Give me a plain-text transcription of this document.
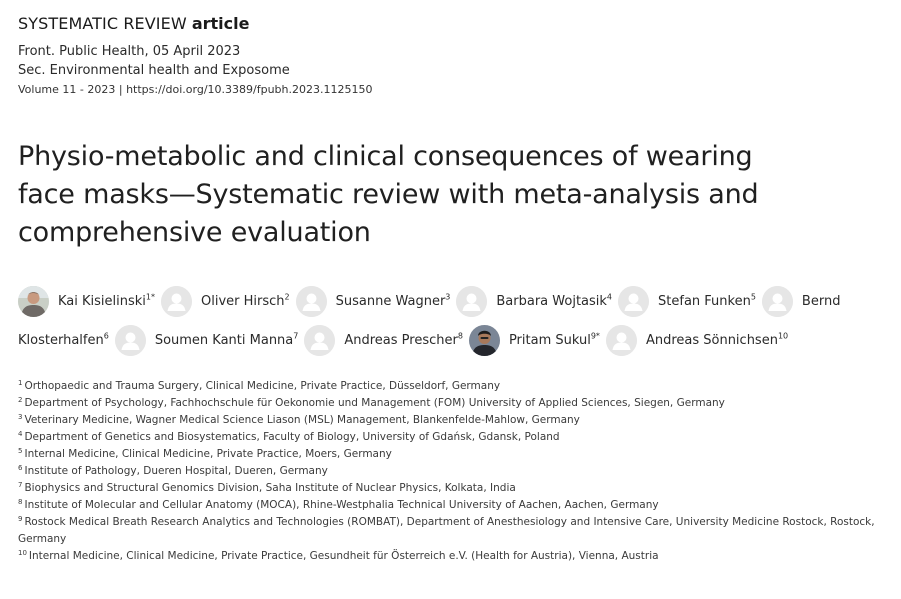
SYSTEMATIC REVIEW article
Front. Public Health, 05 April 2023
Sec. Environmental health and Exposome
Volume 11 - 2023 | https://doi.org/10.3389/fpubh.2023.1125150
Physio-metabolic and clinical consequences of wearing
face masks—Systematic review with meta-analysis and
comprehensive evaluation
Kai Kisielinski$^{1*}$	Oliver Hirsch$^2$	Susanne Wagner$^3$	Barbara Wojtasik$^4$	Stefan Funken$^5$	Bernd

Klosterhalfen$^6$	Soumen Kanti Manna$^7$	Andreas Prescher$^8$	Pritam Sukul$^{9*}$	Andreas Sönnichsen$^{10}$
$^1$ Orthopaedic and Trauma Surgery, Clinical Medicine, Private Practice, Düsseldorf, Germany
$^2$ Department of Psychology, Fachhochschule für Oekonomie und Management (FOM) University of Applied Sciences, Siegen, Germany
$^3$ Veterinary Medicine, Wagner Medical Science Liason (MSL) Management, Blankenfelde-Mahlow, Germany
$^4$ Department of Genetics and Biosystematics, Faculty of Biology, University of Gdańsk, Gdansk, Poland
$^5$ Internal Medicine, Clinical Medicine, Private Practice, Moers, Germany
$^6$ Institute of Pathology, Dueren Hospital, Dueren, Germany
$^7$ Biophysics and Structural Genomics Division, Saha Institute of Nuclear Physics, Kolkata, India
$^8$ Institute of Molecular and Cellular Anatomy (MOCA), Rhine-Westphalia Technical University of Aachen, Aachen, Germany
$^9$ Rostock Medical Breath Research Analytics and Technologies (ROMBAT), Department of Anesthesiology and Intensive Care, University Medicine Rostock, Rostock, Germany
$^{10}$ Internal Medicine, Clinical Medicine, Private Practice, Gesundheit für Österreich e.V. (Health for Austria), Vienna, Austria
